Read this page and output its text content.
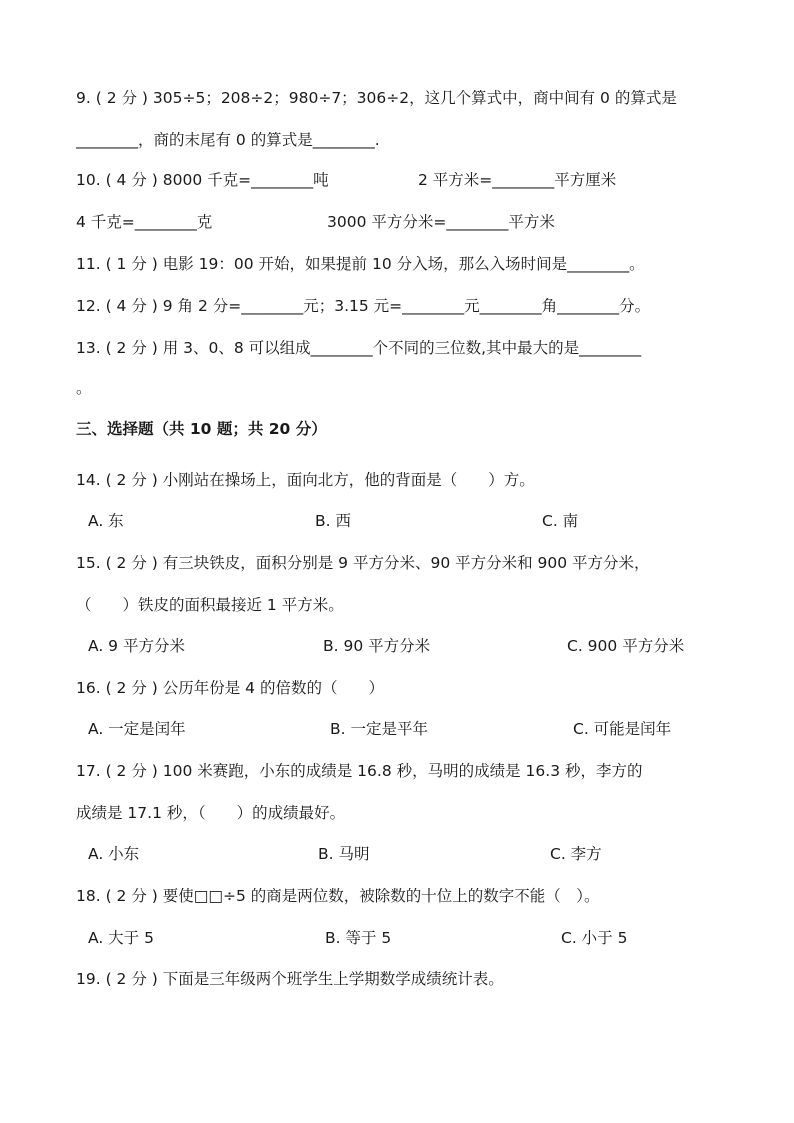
9. ( 2 分 ) 305÷5；208÷2；980÷7；306÷2，这几个算式中，商中间有 0 的算式是
________，商的末尾有 0 的算式是________.
10. ( 4 分 ) 8000 千克=________吨	2 平方米=________平方厘米
4 千克=________克	3000 平方分米=________平方米
11. ( 1 分 ) 电影 19：00 开始，如果提前 10 分入场，那么入场时间是________。
12. ( 4 分 ) 9 角 2 分=________元；3.15 元=________元________角________分。
13. ( 2 分 ) 用 3、0、8 可以组成________个不同的三位数,其中最大的是________
。
三、选择题（共 10 题；共 20 分）
14. ( 2 分 ) 小刚站在操场上，面向北方，他的背面是（　　）方。
A. 东	B. 西	C. 南
15. ( 2 分 ) 有三块铁皮，面积分别是 9 平方分米、90 平方分米和 900 平方分米，
（　　）铁皮的面积最接近 1 平方米。
A. 9 平方分米	B. 90 平方分米	C. 900 平方分米
16. ( 2 分 ) 公历年份是 4 的倍数的（　　）
A. 一定是闰年	B. 一定是平年	C. 可能是闰年
17. ( 2 分 ) 100 米赛跑，小东的成绩是 16.8 秒，马明的成绩是 16.3 秒，李方的
成绩是 17.1 秒，（　　）的成绩最好。
A. 小东	B. 马明	C. 李方
18. ( 2 分 ) 要使□□÷5 的商是两位数，被除数的十位上的数字不能（　）。
A. 大于 5	B. 等于 5	C. 小于 5
19. ( 2 分 ) 下面是三年级两个班学生上学期数学成绩统计表。
